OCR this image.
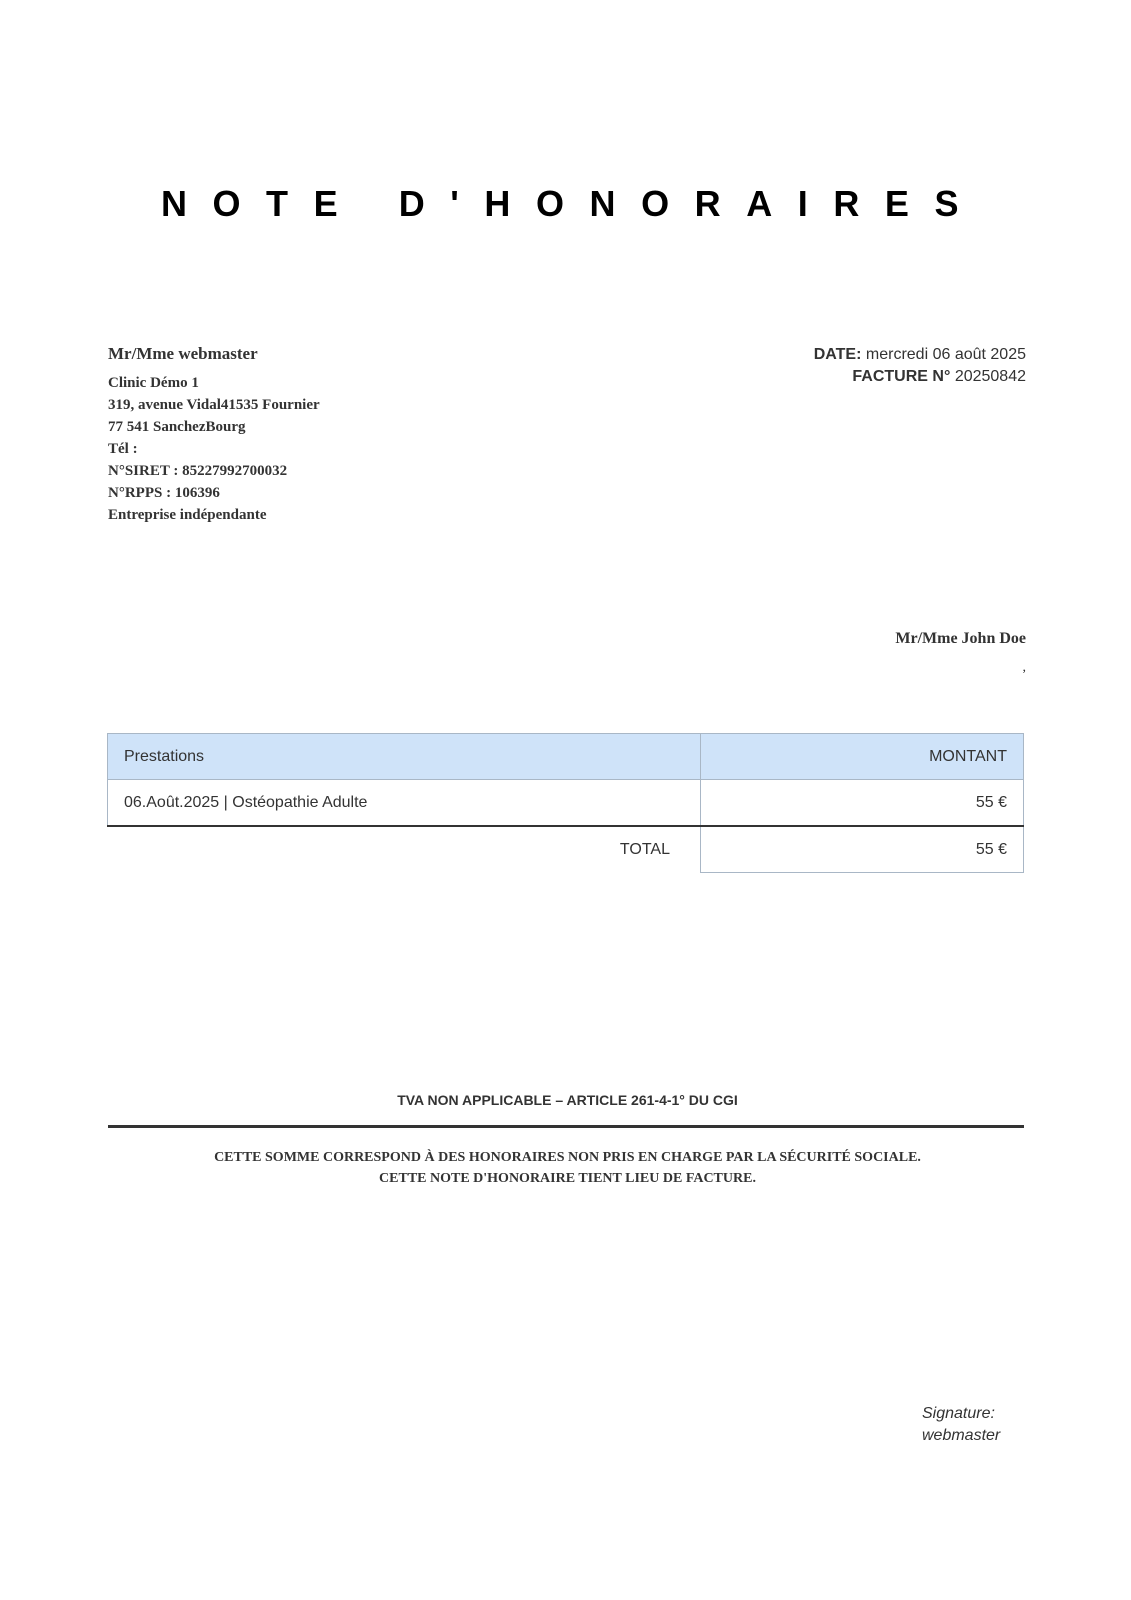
NOTE D'HONORAIRES
Mr/Mme webmaster
Clinic Démo 1
319, avenue Vidal41535 Fournier
77 541 SanchezBourg
Tél :
N°SIRET : 85227992700032
N°RPPS : 106396
Entreprise indépendante
DATE: mercredi 06 août 2025
FACTURE N° 20250842
Mr/Mme John Doe
,
Prestations	MONTANT
06.Août.2025 | Ostéopathie Adulte	55 €
TOTAL	55 €
TVA NON APPLICABLE – ARTICLE 261-4-1° DU CGI
CETTE SOMME CORRESPOND À DES HONORAIRES NON PRIS EN CHARGE PAR LA SÉCURITÉ SOCIALE.
CETTE NOTE D'HONORAIRE TIENT LIEU DE FACTURE.
Signature:
webmaster
